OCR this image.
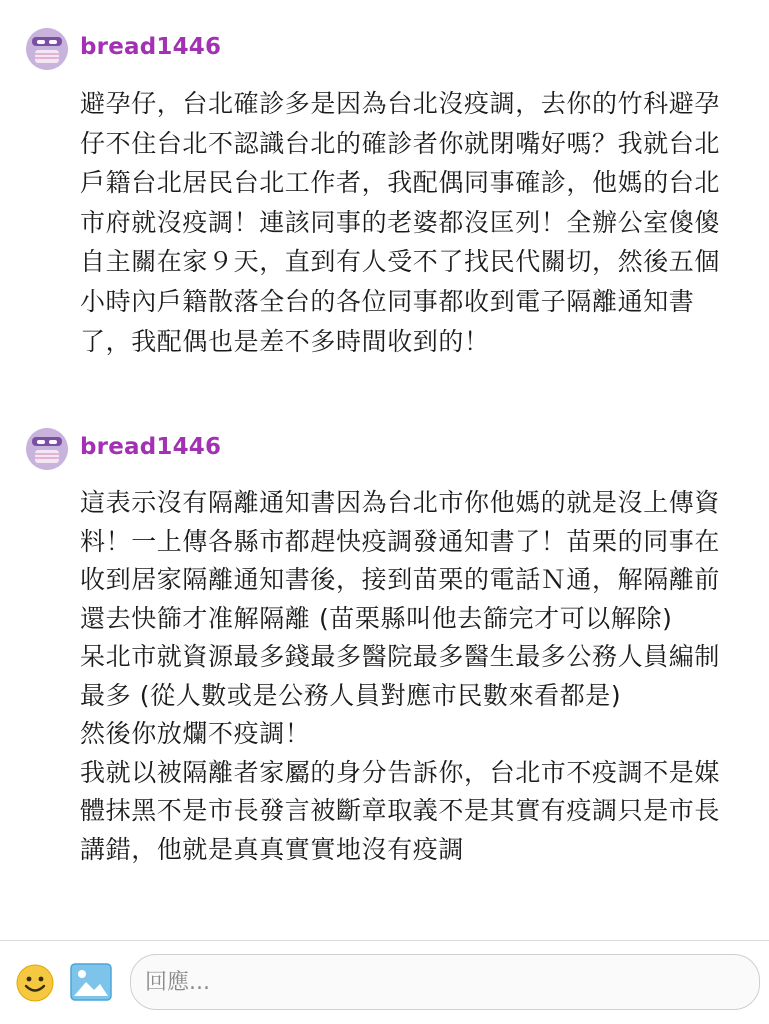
bread1446
避孕仔，台北確診多是因為台北沒疫調，去你的竹科避孕仔不住台北不認識台北的確診者你就閉嘴好嗎？我就台北戶籍台北居民台北工作者，我配偶同事確診，他媽的台北市府就沒疫調！連該同事的老婆都沒匡列！全辦公室傻傻自主關在家９天，直到有人受不了找民代關切，然後五個小時內戶籍散落全台的各位同事都收到電子隔離通知書了，我配偶也是差不多時間收到的！
bread1446
這表示沒有隔離通知書因為台北市你他媽的就是沒上傳資料！一上傳各縣市都趕快疫調發通知書了！苗栗的同事在收到居家隔離通知書後，接到苗栗的電話Ｎ通，解隔離前還去快篩才准解隔離 (苗栗縣叫他去篩完才可以解除)
呆北市就資源最多錢最多醫院最多醫生最多公務人員編制最多 (從人數或是公務人員對應市民數來看都是)
然後你放爛不疫調！
我就以被隔離者家屬的身分告訴你，台北市不疫調不是媒體抹黑不是市長發言被斷章取義不是其實有疫調只是市長講錯，他就是真真實實地沒有疫調
回應...
